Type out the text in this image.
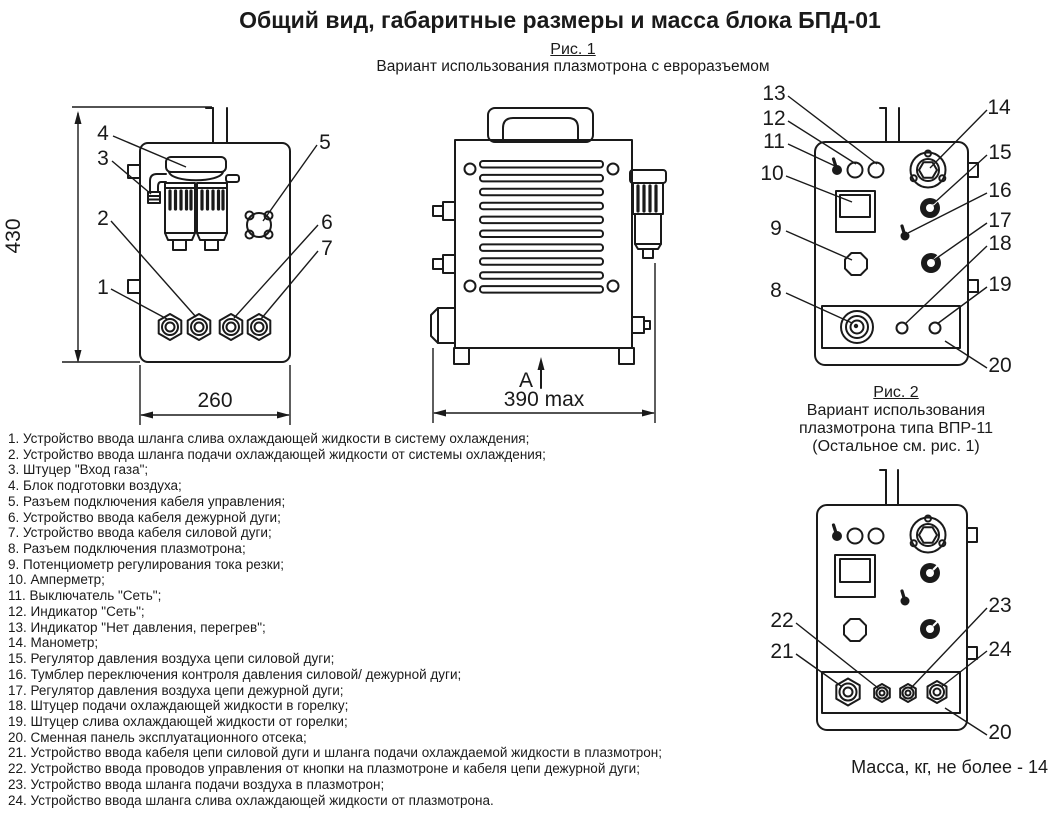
Общий вид, габаритные размеры и масса блока БПД-01
Рис. 1
Вариант использования плазмотрона с евроразъемом
430
260
4
3
2
1
5
6
7
A
390 max
13
12
11
10
9
8
14
15
16
17
18
19
20
22
21
23
24
20
Рис. 2
Вариант использования
плазмотрона типа ВПР-11
(Остальное см. рис. 1)
Масса, кг, не более - 14
1. Устройство ввода шланга слива охлаждающей жидкости в систему охлаждения;
2. Устройство ввода шланга подачи охлаждающей жидкости от системы охлаждения;
3. Штуцер "Вход газа";
4. Блок подготовки воздуха;
5. Разъем подключения кабеля управления;
6. Устройство ввода кабеля дежурной дуги;
7. Устройство ввода кабеля силовой дуги;
8. Разъем подключения плазмотрона;
9. Потенциометр регулирования тока резки;
10. Амперметр;
11. Выключатель "Сеть";
12. Индикатор "Сеть";
13. Индикатор "Нет давления, перегрев";
14. Манометр;
15. Регулятор давления воздуха цепи силовой дуги;
16. Тумблер переключения контроля давления силовой/ дежурной дуги;
17. Регулятор давления воздуха цепи дежурной дуги;
18. Штуцер подачи охлаждающей жидкости в горелку;
19. Штуцер слива охлаждающей жидкости от горелки;
20. Сменная панель эксплуатационного отсека;
21. Устройство ввода кабеля цепи силовой дуги и шланга подачи охлаждаемой жидкости в плазмотрон;
22. Устройство ввода проводов управления от кнопки на плазмотроне и кабеля цепи дежурной дуги;
23. Устройство ввода шланга подачи воздуха в плазмотрон;
24. Устройство ввода шланга слива охлаждающей жидкости от плазмотрона.
